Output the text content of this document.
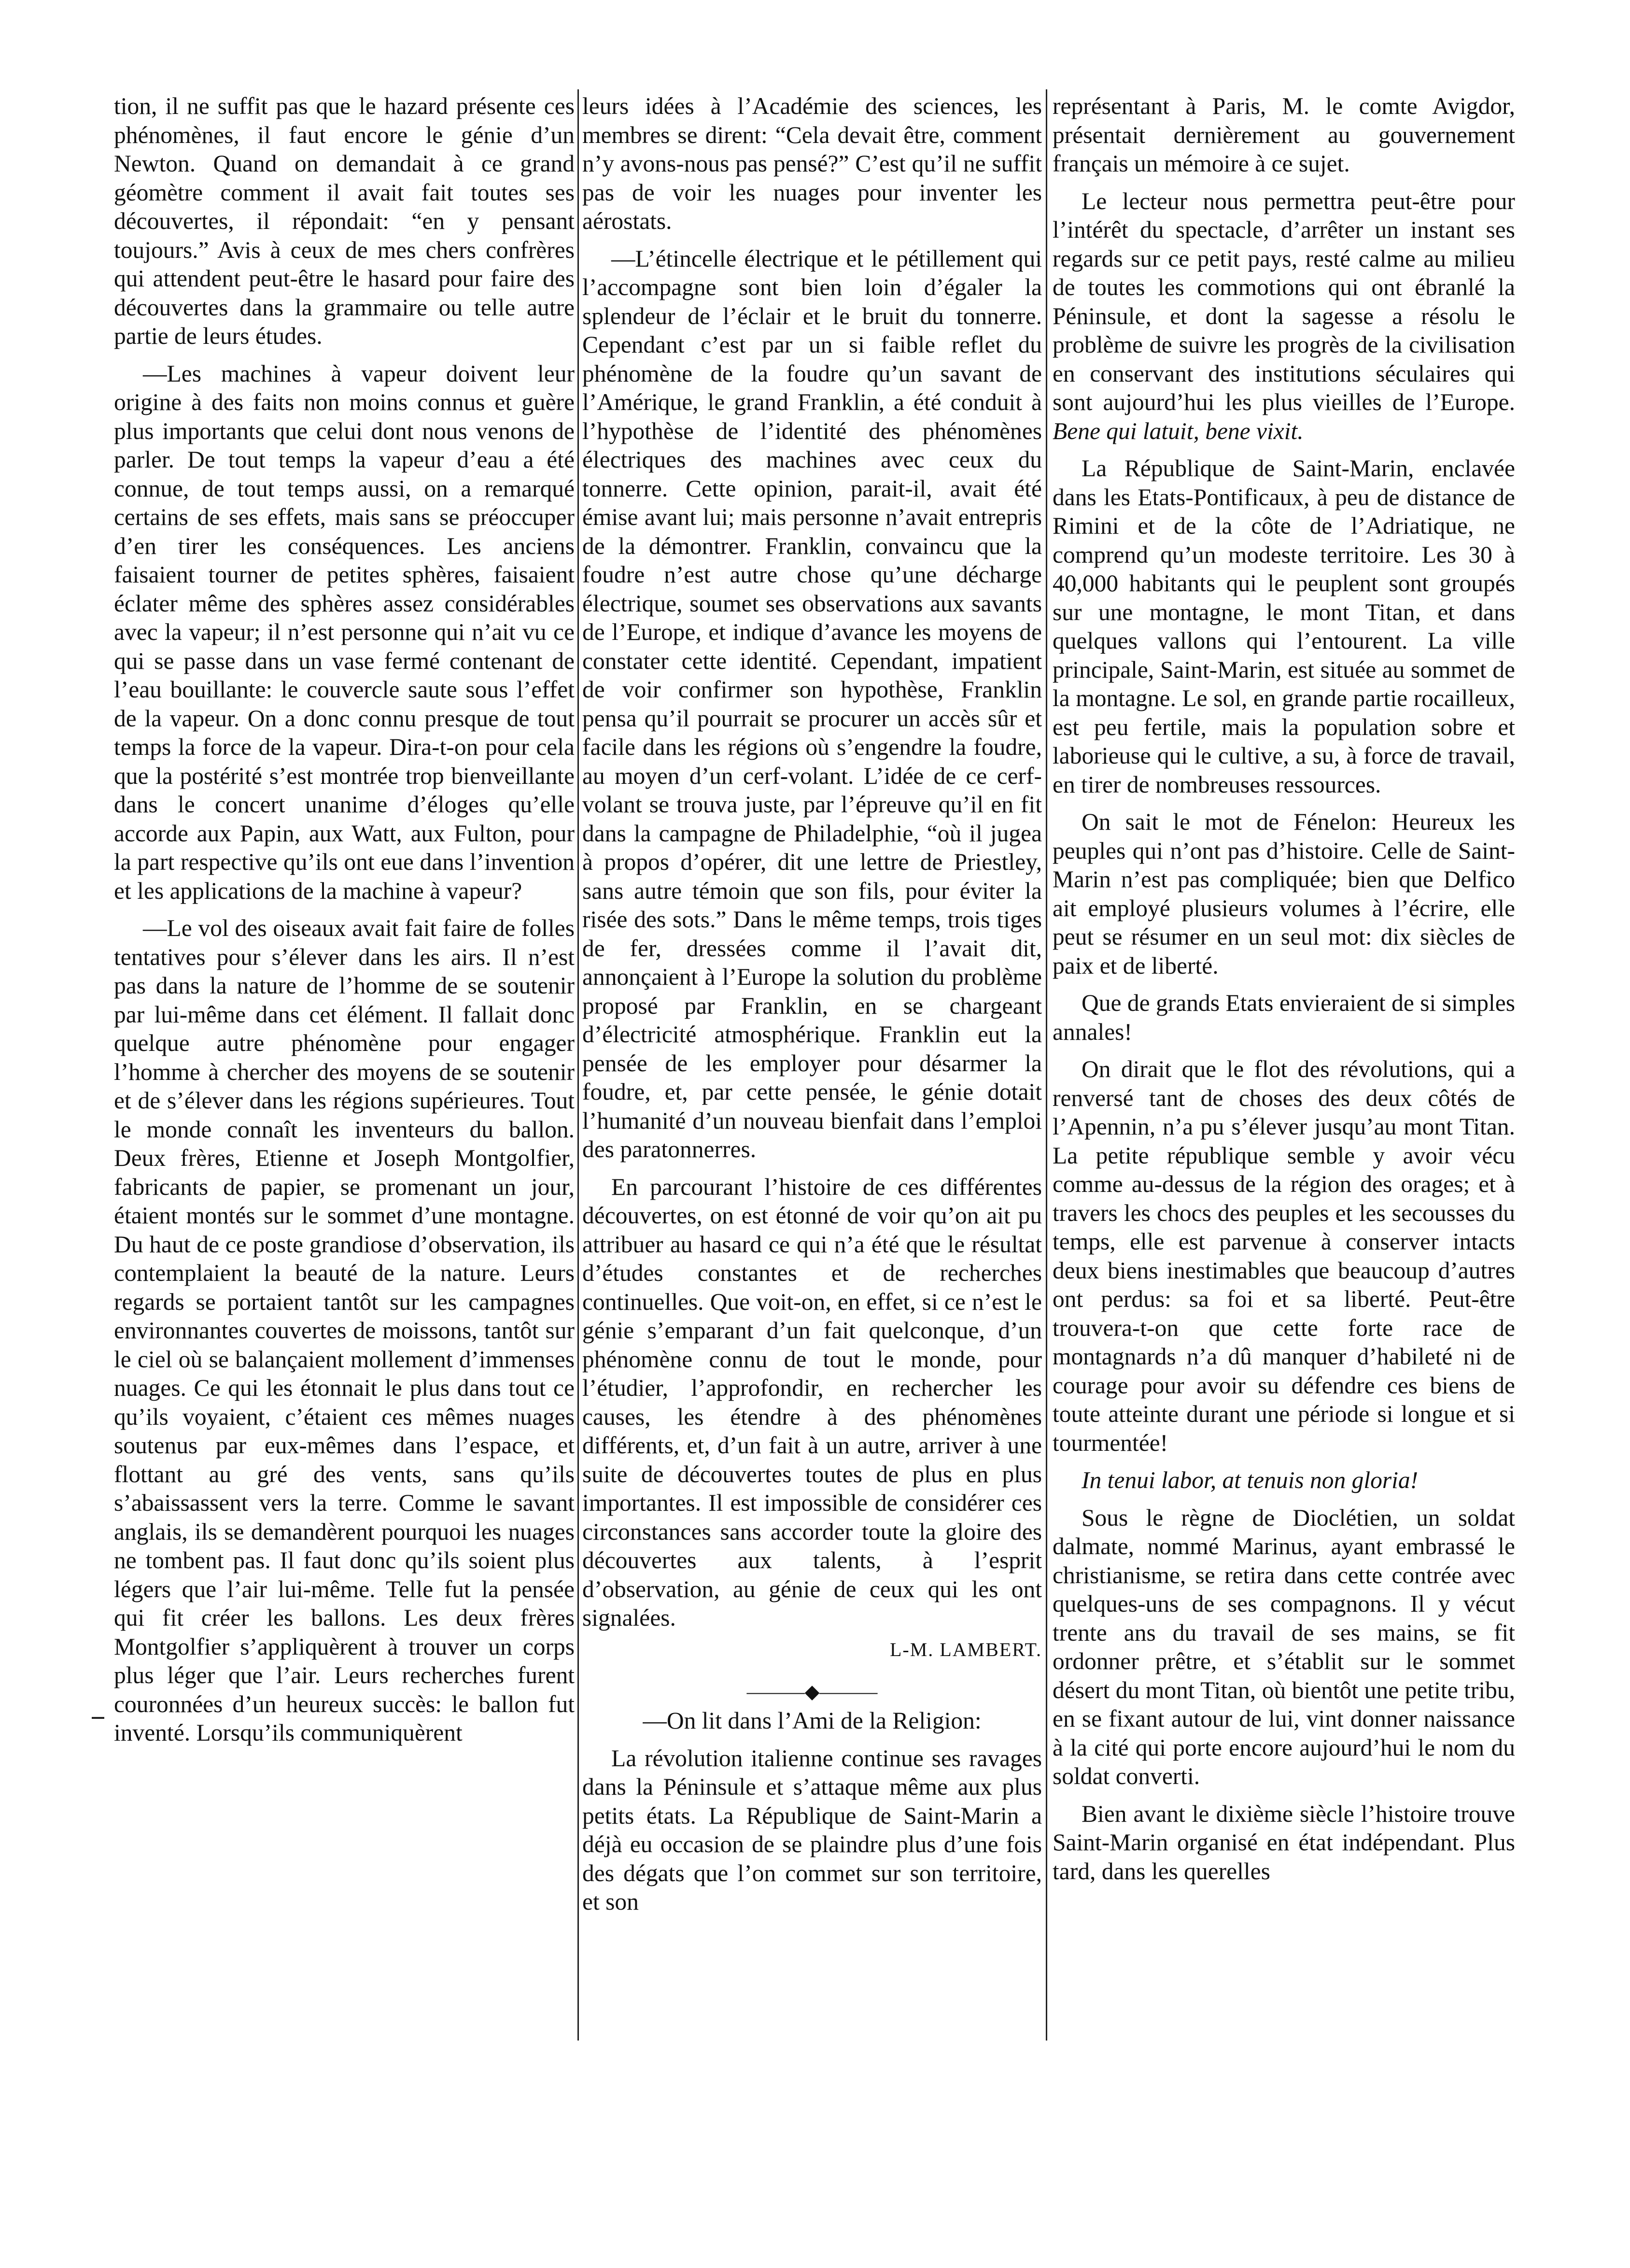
tion, il ne suffit pas que le hazard présente ces phénomènes, il faut encore le génie d’un Newton. Quand on demandait à ce grand géomètre comment il avait fait toutes ses découvertes, il répondait: “en y pensant toujours.” Avis à ceux de mes chers confrères qui attendent peut-être le hasard pour faire des découvertes dans la grammaire ou telle autre partie de leurs études.

—Les machines à vapeur doivent leur origine à des faits non moins connus et guère plus importants que celui dont nous venons de parler. De tout temps la vapeur d’eau a été connue, de tout temps aussi, on a remarqué certains de ses effets, mais sans se préoccuper d’en tirer les conséquences. Les anciens faisaient tourner de petites sphères, faisaient éclater même des sphères assez considérables avec la vapeur; il n’est personne qui n’ait vu ce qui se passe dans un vase fermé contenant de l’eau bouillante: le couvercle saute sous l’effet de la vapeur. On a donc connu presque de tout temps la force de la vapeur. Dira-t-on pour cela que la postérité s’est montrée trop bienveillante dans le concert unanime d’éloges qu’elle accorde aux Papin, aux Watt, aux Fulton, pour la part respective qu’ils ont eue dans l’invention et les applications de la machine à vapeur?

—Le vol des oiseaux avait fait faire de folles tentatives pour s’élever dans les airs. Il n’est pas dans la nature de l’homme de se soutenir par lui-même dans cet élément. Il fallait donc quelque autre phénomène pour engager l’homme à chercher des moyens de se soutenir et de s’élever dans les régions supérieures. Tout le monde connaît les inventeurs du ballon. Deux frères, Etienne et Joseph Montgolfier, fabricants de papier, se promenant un jour, étaient montés sur le sommet d’une montagne. Du haut de ce poste grandiose d’observation, ils contemplaient la beauté de la nature. Leurs regards se portaient tantôt sur les campagnes environnantes couvertes de moissons, tantôt sur le ciel où se balançaient mollement d’immenses nuages. Ce qui les étonnait le plus dans tout ce qu’ils voyaient, c’étaient ces mêmes nuages soutenus par eux-mêmes dans l’espace, et flottant au gré des vents, sans qu’ils s’abaissassent vers la terre. Comme le savant anglais, ils se demandèrent pourquoi les nuages ne tombent pas. Il faut donc qu’ils soient plus légers que l’air lui-même. Telle fut la pensée qui fit créer les ballons. Les deux frères Montgolfier s’appliquèrent à trouver un corps plus léger que l’air. Leurs recherches furent couronnées d’un heureux succès: le ballon fut inventé. Lorsqu’ils communiquèrent

leurs idées à l’Académie des sciences, les membres se dirent: “Cela devait être, comment n’y avons-nous pas pensé?” C’est qu’il ne suffit pas de voir les nuages pour inventer les aérostats.

—L’étincelle électrique et le pétillement qui l’accompagne sont bien loin d’égaler la splendeur de l’éclair et le bruit du tonnerre. Cependant c’est par un si faible reflet du phénomène de la foudre qu’un savant de l’Amérique, le grand Franklin, a été conduit à l’hypothèse de l’identité des phénomènes électriques des machines avec ceux du tonnerre. Cette opinion, parait-il, avait été émise avant lui; mais personne n’avait entrepris de la démontrer. Franklin, convaincu que la foudre n’est autre chose qu’une décharge électrique, soumet ses observations aux savants de l’Europe, et indique d’avance les moyens de constater cette identité. Cependant, impatient de voir confirmer son hypothèse, Franklin pensa qu’il pourrait se procurer un accès sûr et facile dans les régions où s’engendre la foudre, au moyen d’un cerf-volant. L’idée de ce cerf-volant se trouva juste, par l’épreuve qu’il en fit dans la campagne de Philadelphie, “où il jugea à propos d’opérer, dit une lettre de Priestley, sans autre témoin que son fils, pour éviter la risée des sots.” Dans le même temps, trois tiges de fer, dressées comme il l’avait dit, annonçaient à l’Europe la solution du problème proposé par Franklin, en se chargeant d’électricité atmosphérique. Franklin eut la pensée de les employer pour désarmer la foudre, et, par cette pensée, le génie dotait l’humanité d’un nouveau bienfait dans l’emploi des paratonnerres.

En parcourant l’histoire de ces différentes découvertes, on est étonné de voir qu’on ait pu attribuer au hasard ce qui n’a été que le résultat d’études constantes et de recherches continuelles. Que voit-on, en effet, si ce n’est le génie s’emparant d’un fait quelconque, d’un phénomène connu de tout le monde, pour l’étudier, l’approfondir, en rechercher les causes, les étendre à des phénomènes différents, et, d’un fait à un autre, arriver à une suite de découvertes toutes de plus en plus importantes. Il est impossible de considérer ces circonstances sans accorder toute la gloire des découvertes aux talents, à l’esprit d’observation, au génie de ceux qui les ont signalées.

L-M. LAMBERT.

———◆———

—On lit dans l’Ami de la Religion:

La révolution italienne continue ses ravages dans la Péninsule et s’attaque même aux plus petits états. La République de Saint-Marin a déjà eu occasion de se plaindre plus d’une fois des dégats que l’on commet sur son territoire, et son

représentant à Paris, M. le comte Avigdor, présentait dernièrement au gouvernement français un mémoire à ce sujet.

Le lecteur nous permettra peut-être pour l’intérêt du spectacle, d’arrêter un instant ses regards sur ce petit pays, resté calme au milieu de toutes les commotions qui ont ébranlé la Péninsule, et dont la sagesse a résolu le problème de suivre les progrès de la civilisation en conservant des institutions séculaires qui sont aujourd’hui les plus vieilles de l’Europe. Bene qui latuit, bene vixit.

La République de Saint-Marin, enclavée dans les Etats-Pontificaux, à peu de distance de Rimini et de la côte de l’Adriatique, ne comprend qu’un modeste territoire. Les 30 à 40,000 habitants qui le peuplent sont groupés sur une montagne, le mont Titan, et dans quelques vallons qui l’entourent. La ville principale, Saint-Marin, est située au sommet de la montagne. Le sol, en grande partie rocailleux, est peu fertile, mais la population sobre et laborieuse qui le cultive, a su, à force de travail, en tirer de nombreuses ressources.

On sait le mot de Fénelon: Heureux les peuples qui n’ont pas d’histoire. Celle de Saint-Marin n’est pas compliquée; bien que Delfico ait employé plusieurs volumes à l’écrire, elle peut se résumer en un seul mot: dix siècles de paix et de liberté.

Que de grands Etats envieraient de si simples annales!

On dirait que le flot des révolutions, qui a renversé tant de choses des deux côtés de l’Apennin, n’a pu s’élever jusqu’au mont Titan. La petite république semble y avoir vécu comme au-dessus de la région des orages; et à travers les chocs des peuples et les secousses du temps, elle est parvenue à conserver intacts deux biens inestimables que beaucoup d’autres ont perdus: sa foi et sa liberté. Peut-être trouvera-t-on que cette forte race de montagnards n’a dû manquer d’habileté ni de courage pour avoir su défendre ces biens de toute atteinte durant une période si longue et si tourmentée!

In tenui labor, at tenuis non gloria!

Sous le règne de Dioclétien, un soldat dalmate, nommé Marinus, ayant embrassé le christianisme, se retira dans cette contrée avec quelques-uns de ses compagnons. Il y vécut trente ans du travail de ses mains, se fit ordonner prêtre, et s’établit sur le sommet désert du mont Titan, où bientôt une petite tribu, en se fixant autour de lui, vint donner naissance à la cité qui porte encore aujourd’hui le nom du soldat converti.

Bien avant le dixième siècle l’histoire trouve Saint-Marin organisé en état indépendant. Plus tard, dans les querelles
